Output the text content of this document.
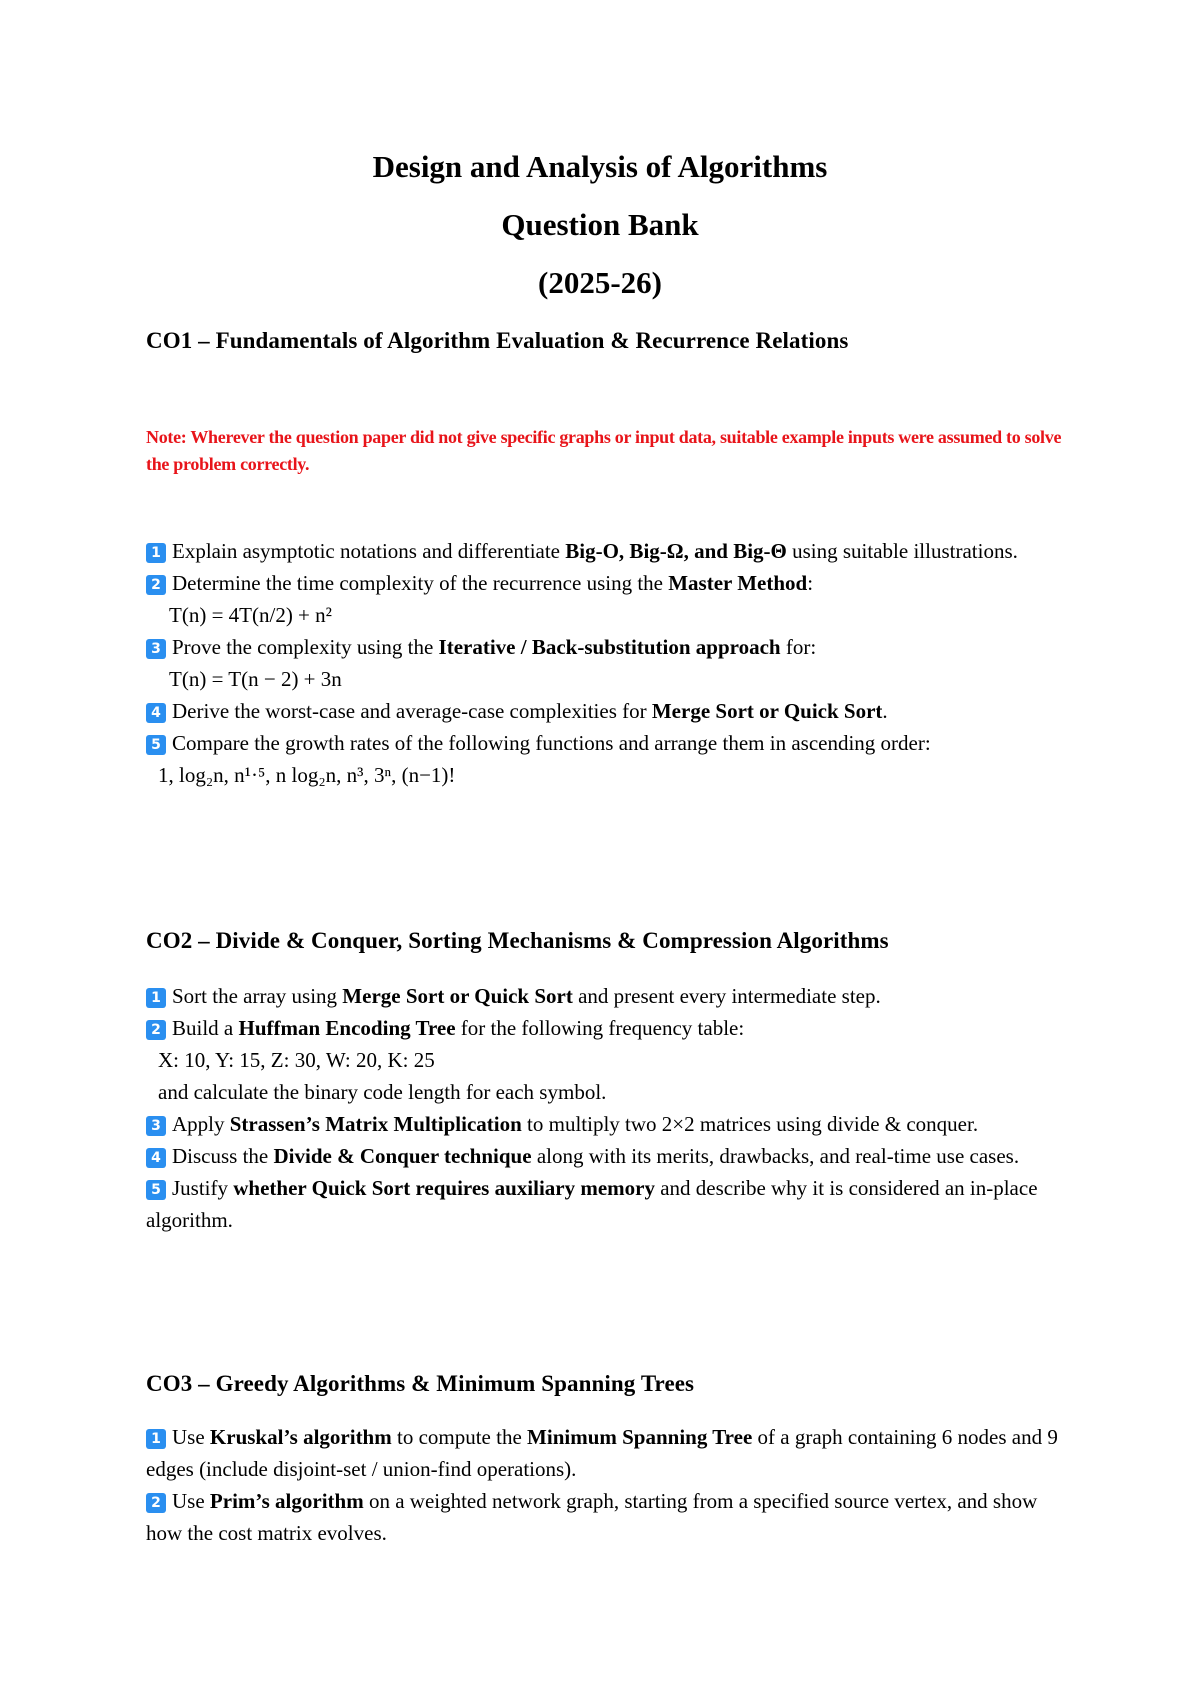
Design and Analysis of Algorithms

Question Bank

(2025-26)

CO1 – Fundamentals of Algorithm Evaluation & Recurrence Relations

Note: Wherever the question paper did not give specific graphs or input data, suitable example inputs were assumed to solve the problem correctly.

1 Explain asymptotic notations and differentiate Big-O, Big-Ω, and Big-Θ using suitable illustrations.

2 Determine the time complexity of the recurrence using the Master Method:
T(n) = 4T(n/2) + n²

3 Prove the complexity using the Iterative / Back-substitution approach for:
T(n) = T(n − 2) + 3n

4 Derive the worst-case and average-case complexities for Merge Sort or Quick Sort.

5 Compare the growth rates of the following functions and arrange them in ascending order:
1, log₂n, n¹·⁵, n log₂n, n³, 3ⁿ, (n−1)!

CO2 – Divide & Conquer, Sorting Mechanisms & Compression Algorithms

1 Sort the array using Merge Sort or Quick Sort and present every intermediate step.

2 Build a Huffman Encoding Tree for the following frequency table:
X: 10, Y: 15, Z: 30, W: 20, K: 25
and calculate the binary code length for each symbol.

3 Apply Strassen’s Matrix Multiplication to multiply two 2×2 matrices using divide & conquer.

4 Discuss the Divide & Conquer technique along with its merits, drawbacks, and real-time use cases.

5 Justify whether Quick Sort requires auxiliary memory and describe why it is considered an in-place algorithm.

CO3 – Greedy Algorithms & Minimum Spanning Trees

1 Use Kruskal’s algorithm to compute the Minimum Spanning Tree of a graph containing 6 nodes and 9 edges (include disjoint-set / union-find operations).

2 Use Prim’s algorithm on a weighted network graph, starting from a specified source vertex, and show how the cost matrix evolves.
